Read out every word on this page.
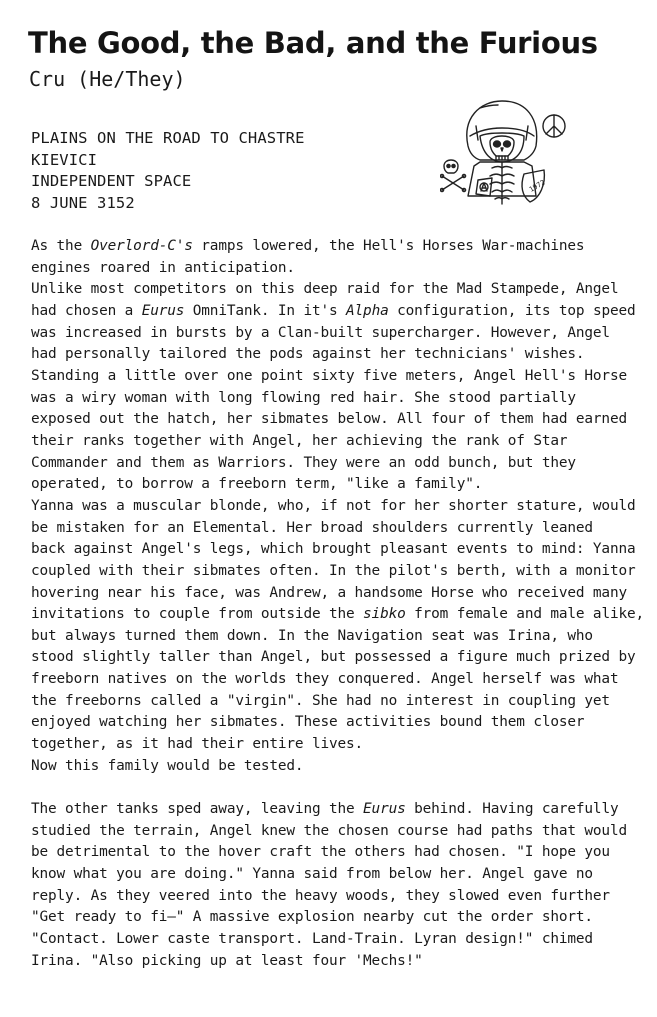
The Good, the Bad, and the Furious
Cru (He/They)
PLAINS ON THE ROAD TO CHASTRE
KIEVICI
INDEPENDENT SPACE
8 JUNE 3152
1972

As the Overlord-C's ramps lowered, the Hell's Horses War-machines

engines roared in anticipation.

Unlike most competitors on this deep raid for the Mad Stampede, Angel

had chosen a Eurus OmniTank. In it's Alpha configuration, its top speed

was increased in bursts by a Clan-built supercharger. However, Angel

had personally tailored the pods against her technicians' wishes.

Standing a little over one point sixty five meters, Angel Hell's Horse

was a wiry woman with long flowing red hair. She stood partially

exposed out the hatch, her sibmates below. All four of them had earned

their ranks together with Angel, her achieving the rank of Star

Commander and them as Warriors. They were an odd bunch, but they

operated, to borrow a freeborn term, "like a family".

Yanna was a muscular blonde, who, if not for her shorter stature, would

be mistaken for an Elemental. Her broad shoulders currently leaned

back against Angel's legs, which brought pleasant events to mind: Yanna

coupled with their sibmates often. In the pilot's berth, with a monitor

hovering near his face, was Andrew, a handsome Horse who received many

invitations to couple from outside the sibko from female and male alike,

but always turned them down. In the Navigation seat was Irina, who

stood slightly taller than Angel, but possessed a figure much prized by

freeborn natives on the worlds they conquered. Angel herself was what

the freeborns called a "virgin". She had no interest in coupling yet

enjoyed watching her sibmates. These activities bound them closer

together, as it had their entire lives.

Now this family would be tested.

The other tanks sped away, leaving the Eurus behind. Having carefully

studied the terrain, Angel knew the chosen course had paths that would

be detrimental to the hover craft the others had chosen. "I hope you

know what you are doing." Yanna said from below her. Angel gave no

reply. As they veered into the heavy woods, they slowed even further

"Get ready to fi—" A massive explosion nearby cut the order short.

"Contact. Lower caste transport. Land-Train. Lyran design!" chimed

Irina. "Also picking up at least four 'Mechs!"
